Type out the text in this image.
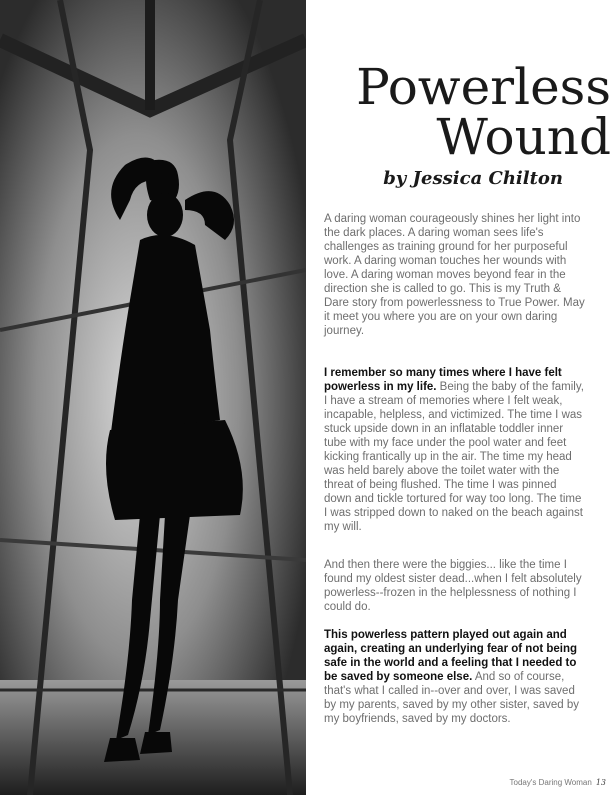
Powerless
Wound
by Jessica Chilton

A daring woman courageously shines her light into the dark places. A daring woman sees life's challenges as training ground for her purposeful work. A daring woman touches her wounds with love. A daring woman moves beyond fear in the direction she is called to go. This is my Truth & Dare story from powerlessness to True Power. May it meet you where you are on your own daring journey.

I remember so many times where I have felt powerless in my life. Being the baby of the family, I have a stream of memories where I felt weak, incapable, helpless, and victimized. The time I was stuck upside down in an inflatable toddler inner tube with my face under the pool water and feet kicking frantically up in the air. The time my head was held barely above the toilet water with the threat of being flushed. The time I was pinned down and tickle tortured for way too long. The time I was stripped down to naked on the beach against my will.

And then there were the biggies... like the time I found my oldest sister dead...when I felt absolutely powerless--frozen in the helplessness of nothing I could do.

This powerless pattern played out again and again, creating an underlying fear of not being safe in the world and a feeling that I needed to be saved by someone else. And so of course, that's what I called in--over and over, I was saved by my parents, saved by my other sister, saved by my boyfriends, saved by my doctors.

Today's Daring Woman 13
